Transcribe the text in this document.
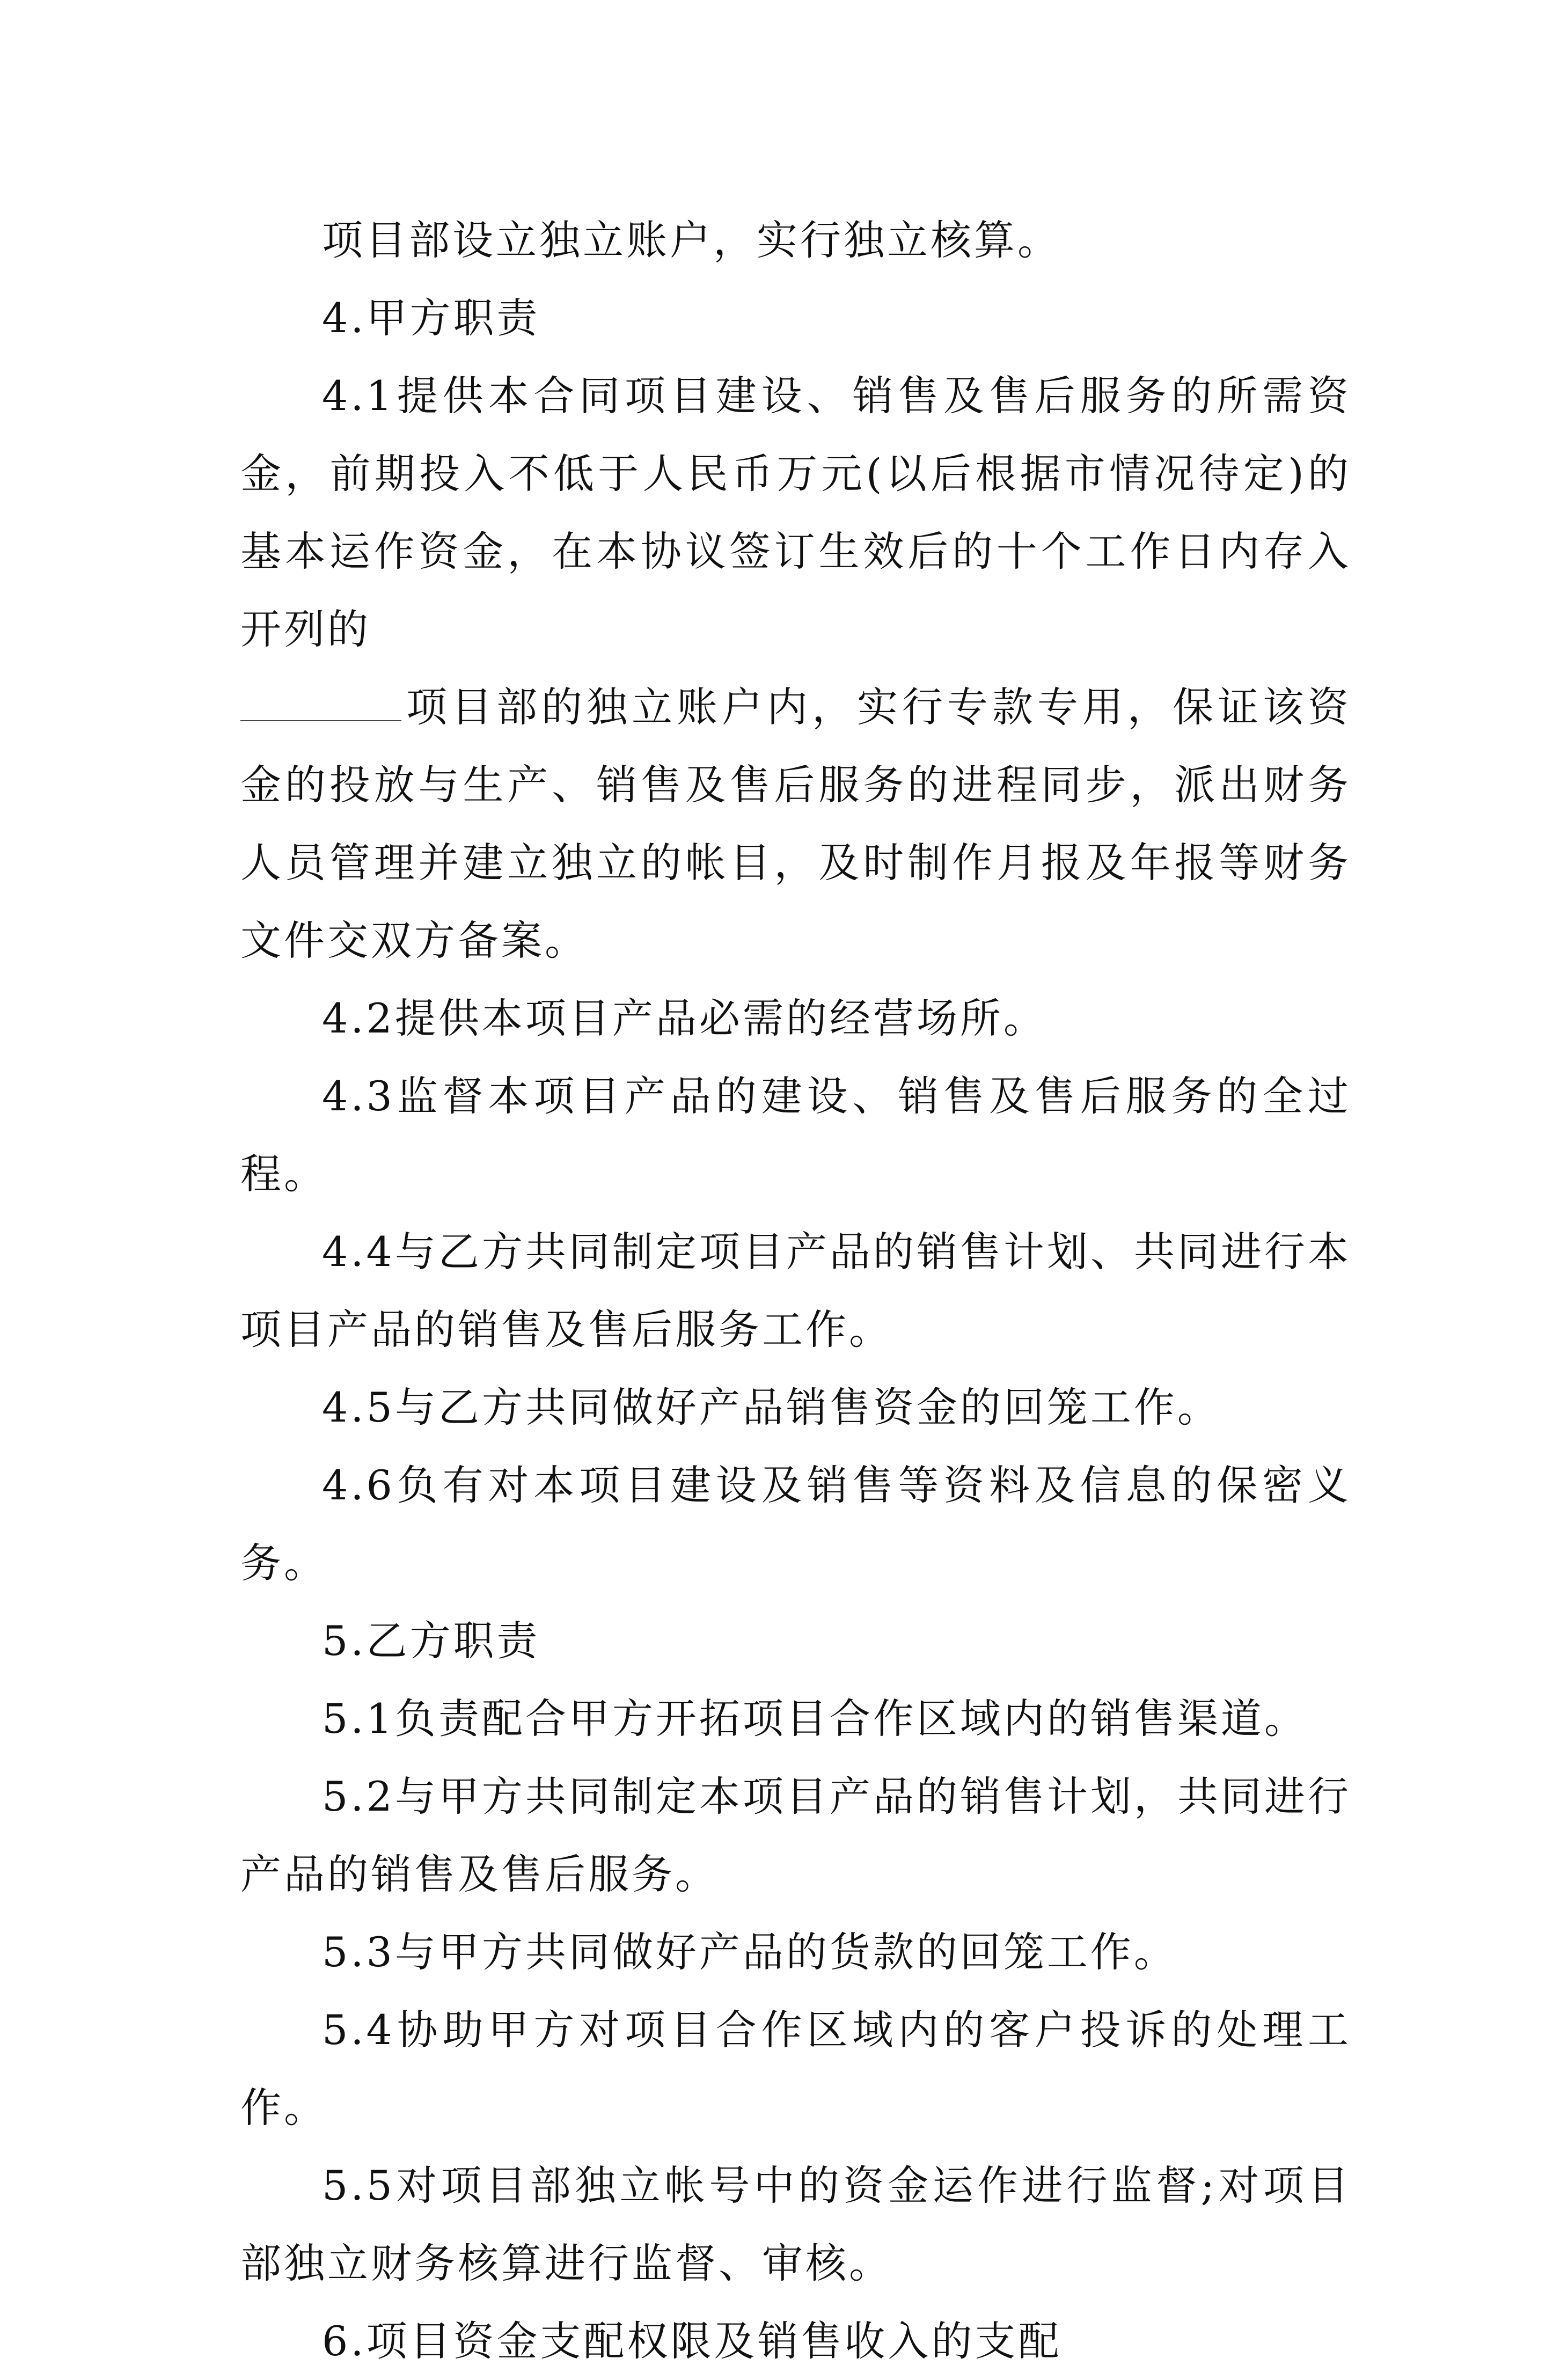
项目部设立独立账户，实行独立核算。

4.甲方职责

4.1提供本合同项目建设、销售及售后服务的所需资金，前期投入不低于人民币万元(以后根据市情况待定)的基本运作资金，在本协议签订生效后的十个工作日内存入开列的
项目部的独立账户内，实行专款专用，保证该资金的投放与生产、销售及售后服务的进程同步，派出财务人员管理并建立独立的帐目，及时制作月报及年报等财务文件交双方备案。

4.2提供本项目产品必需的经营场所。

4.3监督本项目产品的建设、销售及售后服务的全过程。

4.4与乙方共同制定项目产品的销售计划、共同进行本项目产品的销售及售后服务工作。

4.5与乙方共同做好产品销售资金的回笼工作。

4.6负有对本项目建设及销售等资料及信息的保密义务。

5.乙方职责

5.1负责配合甲方开拓项目合作区域内的销售渠道。

5.2与甲方共同制定本项目产品的销售计划，共同进行产品的销售及售后服务。

5.3与甲方共同做好产品的货款的回笼工作。

5.4协助甲方对项目合作区域内的客户投诉的处理工作。

5.5对项目部独立帐号中的资金运作进行监督;对项目部独立财务核算进行监督、审核。

6.项目资金支配权限及销售收入的支配
